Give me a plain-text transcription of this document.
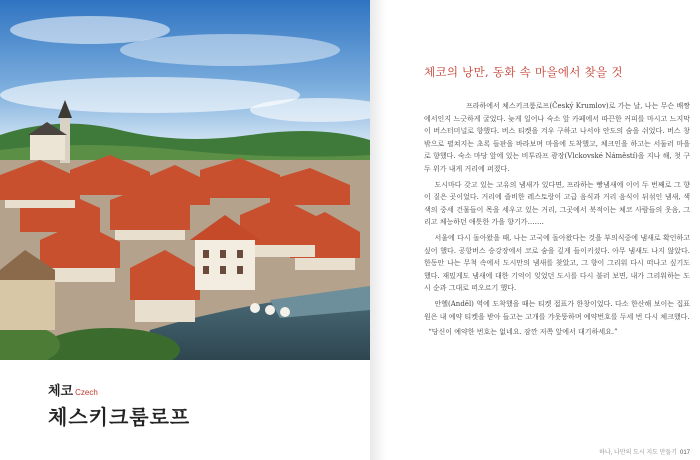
체코 Czech
체스키크룸로프
체코의 낭만, 동화 속 마을에서 찾을 것

프라하에서 체스키크룸로프(Český Krumlov)로 가는 날, 나는 무슨 배짱에서인지 느긋하게 굴었다. 늦게 일어나 숙소 앞 카페에서 따끈한 커피를 마시고 느지막이 버스터미널로 향했다. 버스 티켓을 겨우 구하고 나서야 안도의 숨을 쉬었다. 버스 창밖으로 펼쳐지는 초록 들판을 바라보며 마을에 도착했고, 체크인을 하고는 서둘러 마을로 향했다. 숙소 마당 앞에 있는 비투라프 광장(Vlckovské Náměstí)을 지나 해, 첫 구두 위가 내게 거리에 퍼졌다.

도시마다 갖고 있는 고유의 냄새가 있다면, 프라하는 빵냄새에 이어 두 번째로 그 향이 짙은 곳이었다. 거리에 즐비한 레스토랑이 고급 음식과 거리 음식이 뒤섞인 냄새, 색색의 중세 건물들이 목을 세우고 있는 거리, 그곳에서 북적이는 체코 사람들의 웃음, 그리고 체능하던 애틋한 가을 향기가…….

서울에 다시 돌아왔을 때, 나는 고국에 돌아왔다는 것을 부의식중에 냄새로 확인하고 싶어 했다. 공항버스 승강장에서 코로 숨을 깊게 들이키셨다. 아무 냄새도 나지 않았다. 한동안 나는 무척 속에서 도시만의 냄새를 찾았고, 그 향이 그리워 다시 떠나고 싶기도 했다. 재밌게도 냄새에 대한 기억이 잊었던 도시를 다시 불러 보면, 내가 그리워하는 도시 순과 그대로 떠오르기 했다.

안헬(Anděl) 역에 도착했을 때는 티켓 접표가 한창이었다. 다소 한산해 보이는 집표원은 내 예약 티켓을 받아 들고는 고개를 갸웃뚱하며 예약번호를 두세 번 다시 체크했다.

“당신이 예약한 번호는 없네요. 잠깐 저쪽 앞에서 대기하세요.”

하나, 나만의 도시 지도 만들기 017
